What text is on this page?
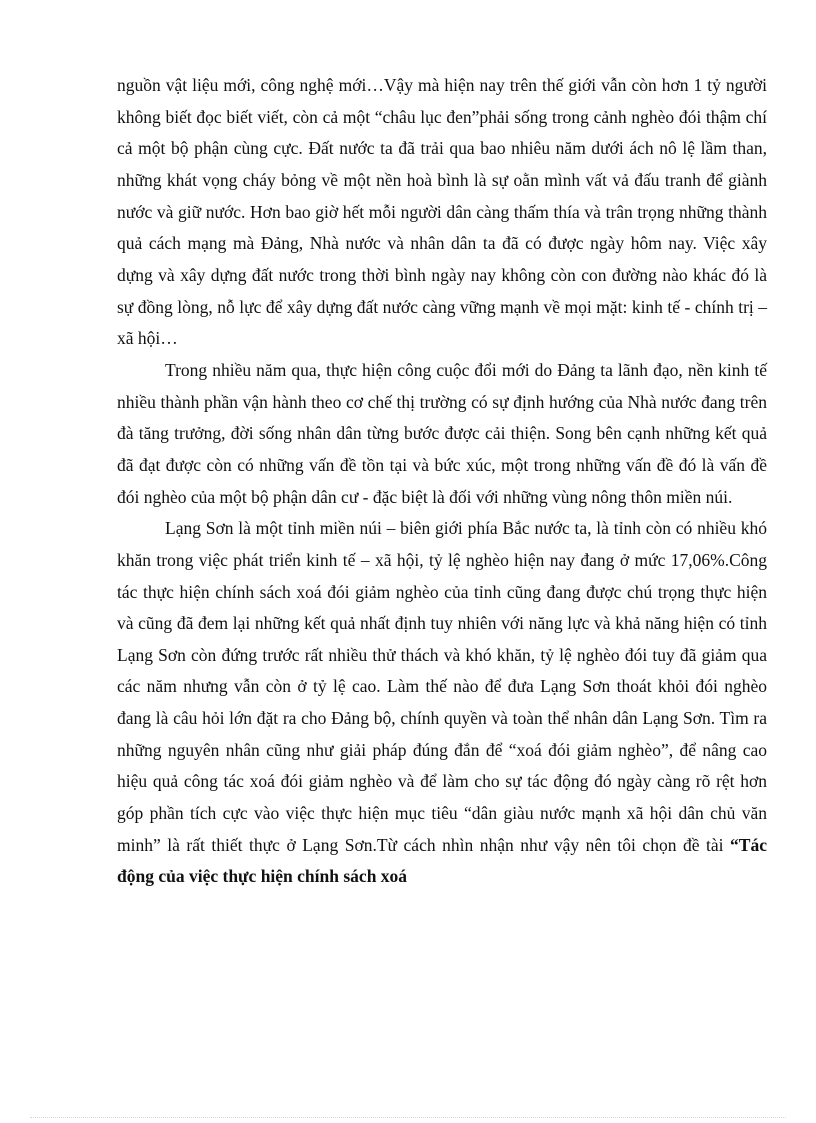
nguồn vật liệu mới, công nghệ mới…Vậy mà hiện nay trên thế giới vẫn còn hơn 1 tỷ người không biết đọc biết viết, còn cả một “châu lục đen”phải sống trong cảnh nghèo đói thậm chí cả một bộ phận cùng cực. Đất nước ta đã trải qua bao nhiêu năm dưới ách nô lệ lầm than, những khát vọng cháy bỏng về một nền hoà bình là sự oằn mình vất vả đấu tranh để giành nước và giữ nước. Hơn bao giờ hết mỗi người dân càng thấm thía và trân trọng những thành quả cách mạng mà Đảng, Nhà nước và nhân dân ta đã có được ngày hôm nay. Việc xây dựng và xây dựng đất nước trong thời bình ngày nay không còn con đường nào khác đó là sự đồng lòng, nỗ lực để xây dựng đất nước càng vững mạnh về mọi mặt: kinh tế - chính trị – xã hội…

Trong nhiều năm qua, thực hiện công cuộc đổi mới do Đảng ta lãnh đạo, nền kinh tế nhiều thành phần vận hành theo cơ chế thị trường có sự định hướng của Nhà nước đang trên đà tăng trưởng, đời sống nhân dân từng bước được cải thiện. Song bên cạnh những kết quả đã đạt được còn có những vấn đề tồn tại và bức xúc, một trong những vấn đề đó là vấn đề đói nghèo của một bộ phận dân cư - đặc biệt là đối với những vùng nông thôn miền núi.

Lạng Sơn là một tỉnh miền núi – biên giới phía Bắc nước ta, là tỉnh còn có nhiều khó khăn trong việc phát triển kinh tế – xã hội, tỷ lệ nghèo hiện nay đang ở mức 17,06%.Công tác thực hiện chính sách xoá đói giảm nghèo của tỉnh cũng đang được chú trọng thực hiện và cũng đã đem lại những kết quả nhất định tuy nhiên với năng lực và khả năng hiện có tỉnh Lạng Sơn còn đứng trước rất nhiều thử thách và khó khăn, tỷ lệ nghèo đói tuy đã giảm qua các năm nhưng vẫn còn ở tỷ lệ cao. Làm thế nào để đưa Lạng Sơn thoát khỏi đói nghèo đang là câu hỏi lớn đặt ra cho Đảng bộ, chính quyền và toàn thể nhân dân Lạng Sơn. Tìm ra những nguyên nhân cũng như giải pháp đúng đắn để “xoá đói giảm nghèo”, để nâng cao hiệu quả công tác xoá đói giảm nghèo và để làm cho sự tác động đó ngày càng rõ rệt hơn góp phần tích cực vào việc thực hiện mục tiêu “dân giàu nước mạnh xã hội dân chủ văn minh” là rất thiết thực ở Lạng Sơn.Từ cách nhìn nhận như vậy nên tôi chọn đề tài “Tác động của việc thực hiện chính sách xoá
